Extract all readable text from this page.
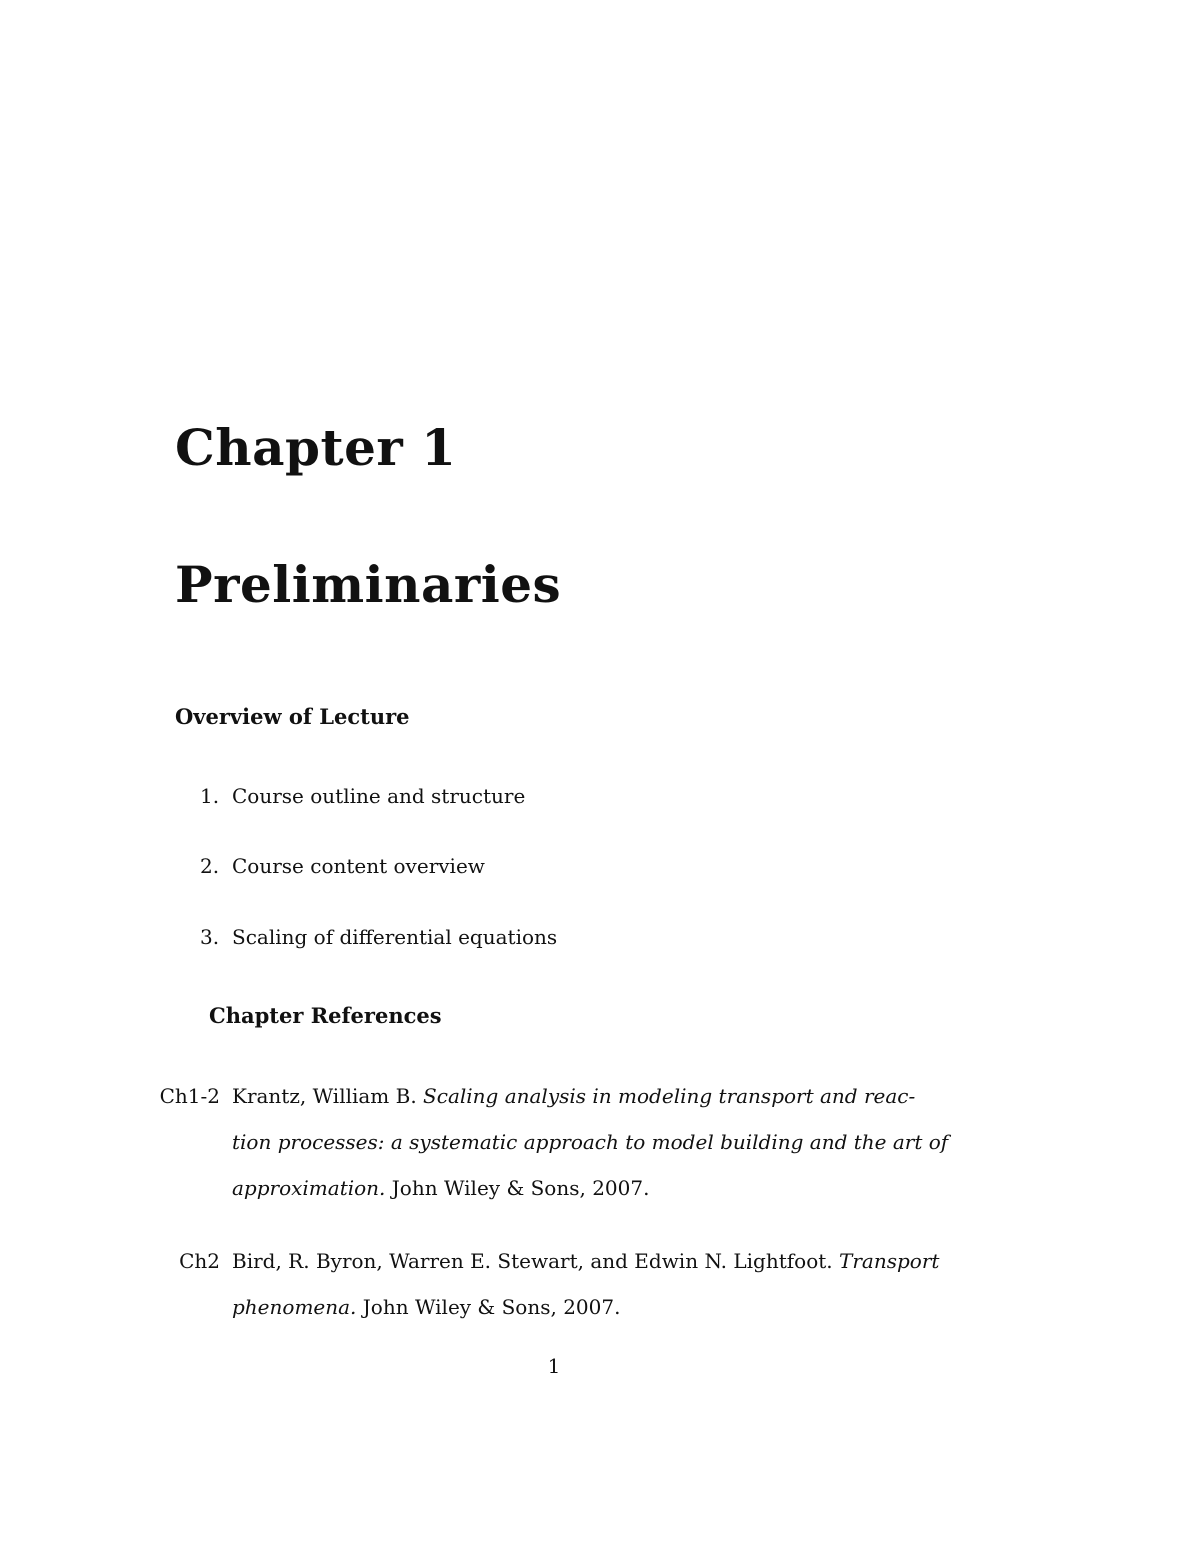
Chapter 1
Preliminaries
Overview of Lecture
1. Course outline and structure
2. Course content overview
3. Scaling of differential equations
Chapter References
Ch1-2 Krantz, William B. Scaling analysis in modeling transport and reac-
tion processes: a systematic approach to model building and the art of
approximation. John Wiley & Sons, 2007.
Ch2 Bird, R. Byron, Warren E. Stewart, and Edwin N. Lightfoot. Transport
phenomena. John Wiley & Sons, 2007.
1
